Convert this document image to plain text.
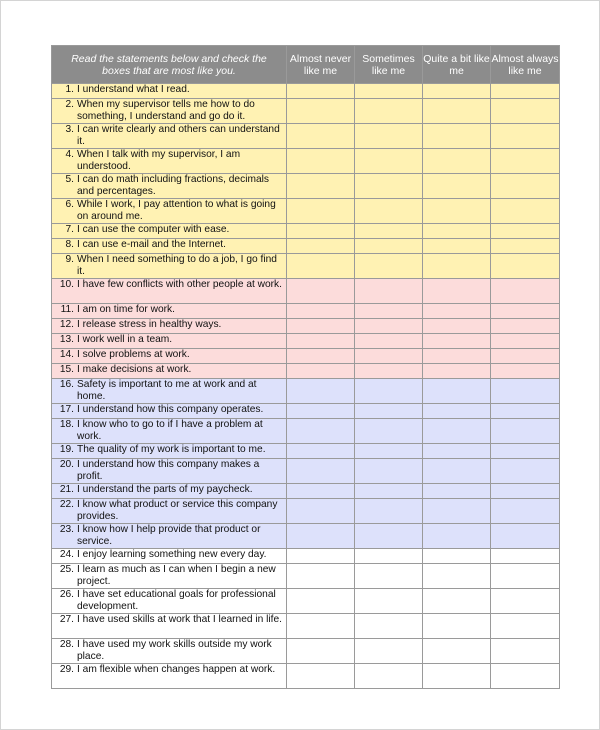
Read the statements below and check the boxes that are most like you.	Almost never like me	Sometimes like me	Quite a bit like me	Almost always like me
1. I understand what I read.				
2. When my supervisor tells me how to do something, I understand and go do it.				
3. I can write clearly and others can understand it.				
4. When I talk with my supervisor, I am understood.				
5. I can do math including fractions, decimals and percentages.				
6. While I work, I pay attention to what is going on around me.				
7. I can use the computer with ease.				
8. I can use e-mail and the Internet.				
9. When I need something to do a job, I go find it.				
10. I have few conflicts with other people at work.				
11. I am on time for work.				
12. I release stress in healthy ways.				
13. I work well in a team.				
14. I solve problems at work.				
15. I make decisions at work.				
16. Safety is important to me at work and at home.				
17. I understand how this company operates.				
18. I know who to go to if I have a problem at work.				
19. The quality of my work is important to me.				
20. I understand how this company makes a profit.				
21. I understand the parts of my paycheck.				
22. I know what product or service this company provides.				
23. I know how I help provide that product or service.				
24. I enjoy learning something new every day.				
25. I learn as much as I can when I begin a new project.				
26. I have set educational goals for professional development.				
27. I have used skills at work that I learned in life.				
28. I have used my work skills outside my work place.				
29. I am flexible when changes happen at work.				
